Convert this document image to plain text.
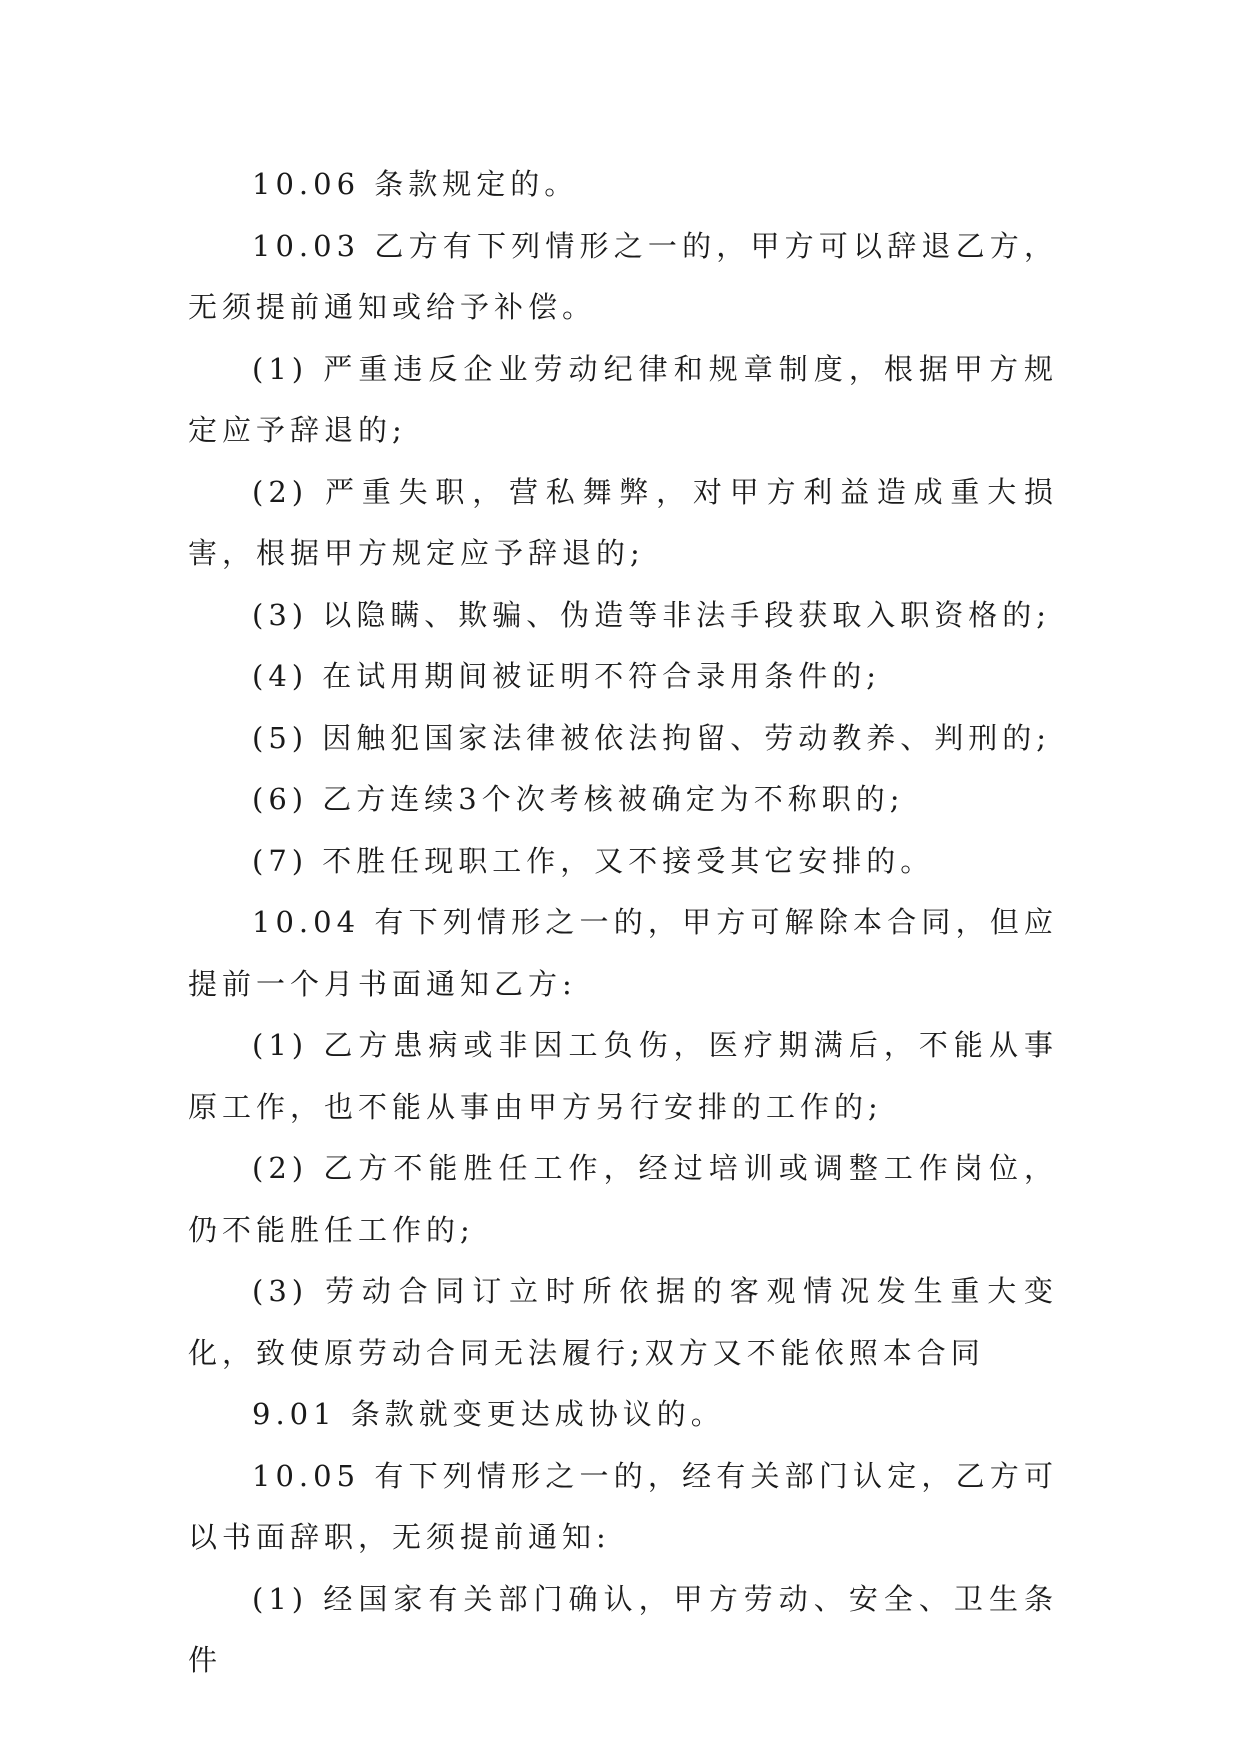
10.06 条款规定的。

10.03 乙方有下列情形之一的，甲方可以辞退乙方，无须提前通知或给予补偿。

(1) 严重违反企业劳动纪律和规章制度，根据甲方规定应予辞退的;

(2) 严重失职，营私舞弊，对甲方利益造成重大损害，根据甲方规定应予辞退的;

(3) 以隐瞒、欺骗、伪造等非法手段获取入职资格的;

(4) 在试用期间被证明不符合录用条件的;

(5) 因触犯国家法律被依法拘留、劳动教养、判刑的;

(6) 乙方连续3个次考核被确定为不称职的;

(7) 不胜任现职工作，又不接受其它安排的。

10.04 有下列情形之一的，甲方可解除本合同，但应提前一个月书面通知乙方:

(1) 乙方患病或非因工负伤，医疗期满后，不能从事原工作，也不能从事由甲方另行安排的工作的;

(2) 乙方不能胜任工作，经过培训或调整工作岗位，仍不能胜任工作的;

(3) 劳动合同订立时所依据的客观情况发生重大变化，致使原劳动合同无法履行;双方又不能依照本合同

9.01 条款就变更达成协议的。

10.05 有下列情形之一的，经有关部门认定，乙方可以书面辞职，无须提前通知:

(1) 经国家有关部门确认，甲方劳动、安全、卫生条件
